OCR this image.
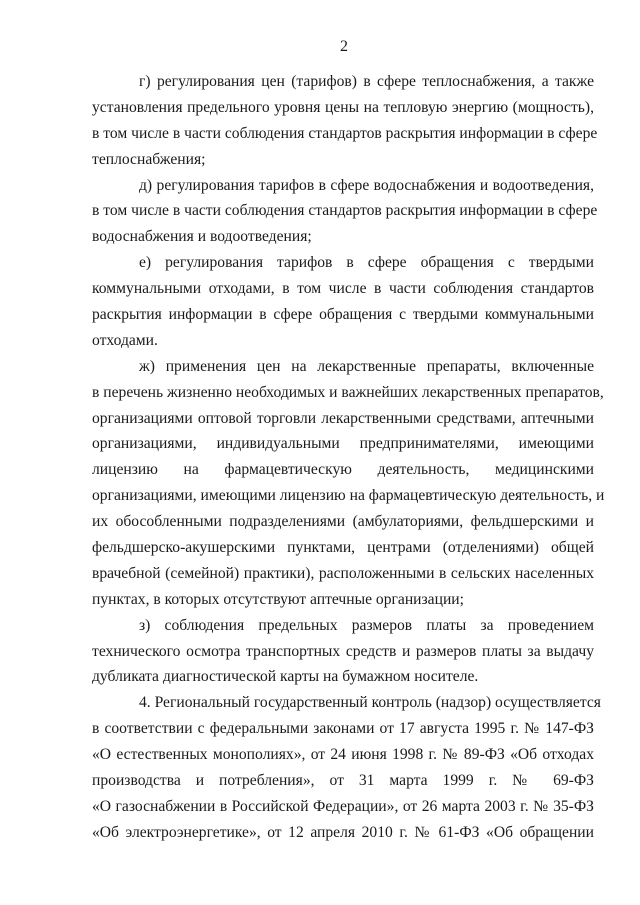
2
г) регулирования цен (тарифов) в сфере теплоснабжения, а также
установления предельного уровня цены на тепловую энергию (мощность),
в том числе в части соблюдения стандартов раскрытия информации в сфере
теплоснабжения;
д) регулирования тарифов в сфере водоснабжения и водоотведения,
в том числе в части соблюдения стандартов раскрытия информации в сфере
водоснабжения и водоотведения;
е) регулирования тарифов в сфере обращения с твердыми
коммунальными отходами, в том числе в части соблюдения стандартов
раскрытия информации в сфере обращения с твердыми коммунальными
отходами.
ж) применения цен на лекарственные препараты, включенные
в перечень жизненно необходимых и важнейших лекарственных препаратов,
организациями оптовой торговли лекарственными средствами, аптечными
организациями, индивидуальными предпринимателями, имеющими
лицензию на фармацевтическую деятельность, медицинскими
организациями, имеющими лицензию на фармацевтическую деятельность, и
их обособленными подразделениями (амбулаториями, фельдшерскими и
фельдшерско-акушерскими пунктами, центрами (отделениями) общей
врачебной (семейной) практики), расположенными в сельских населенных
пунктах, в которых отсутствуют аптечные организации;
з) соблюдения предельных размеров платы за проведением
технического осмотра транспортных средств и размеров платы за выдачу
дубликата диагностической карты на бумажном носителе.
4. Региональный государственный контроль (надзор) осуществляется
в соответствии с федеральными законами от 17 августа 1995 г. № 147-ФЗ
«О естественных монополиях», от 24 июня 1998 г. № 89-ФЗ «Об отходах
производства и потребления», от 31 марта 1999 г. № 69-ФЗ
«О газоснабжении в Российской Федерации», от 26 марта 2003 г. № 35-ФЗ
«Об электроэнергетике», от 12 апреля 2010 г. № 61-ФЗ «Об обращении
